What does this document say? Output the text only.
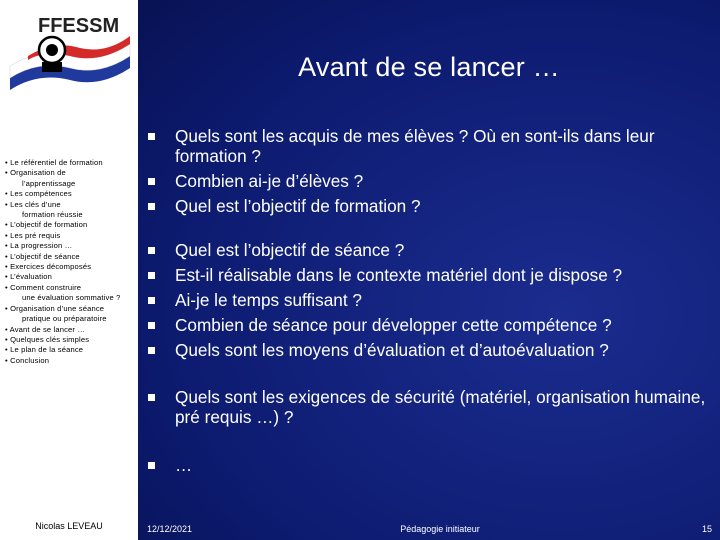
FFESSM
• Le référentiel de formation
• Organisation de
l’apprentissage
• Les compétences
• Les clés d’une
formation réussie
• L’objectif de formation
• Les pré requis
• La progression …
• L’objectif de séance
• Exercices décomposés
• L’évaluation
• Comment construire
une évaluation sommative ?
• Organisation d’une séance
pratique ou préparatoire
• Avant de se lancer …
• Quelques clés simples
• Le plan de la séance
• Conclusion
Nicolas LEVEAU
Avant de se lancer …
Quels sont les acquis de mes élèves ? Où en sont-ils dans leur formation ?
Combien ai-je d’élèves ?
Quel est l’objectif de formation ?
Quel est l’objectif de séance ?
Est-il réalisable dans le contexte matériel dont je dispose ?
Ai-je le temps suffisant ?
Combien de séance pour développer cette compétence ?
Quels sont les moyens d’évaluation et d’autoévaluation ?
Quels sont les exigences de sécurité (matériel, organisation humaine, pré requis …) ?
…
12/12/2021	Pédagogie initiateur	15
